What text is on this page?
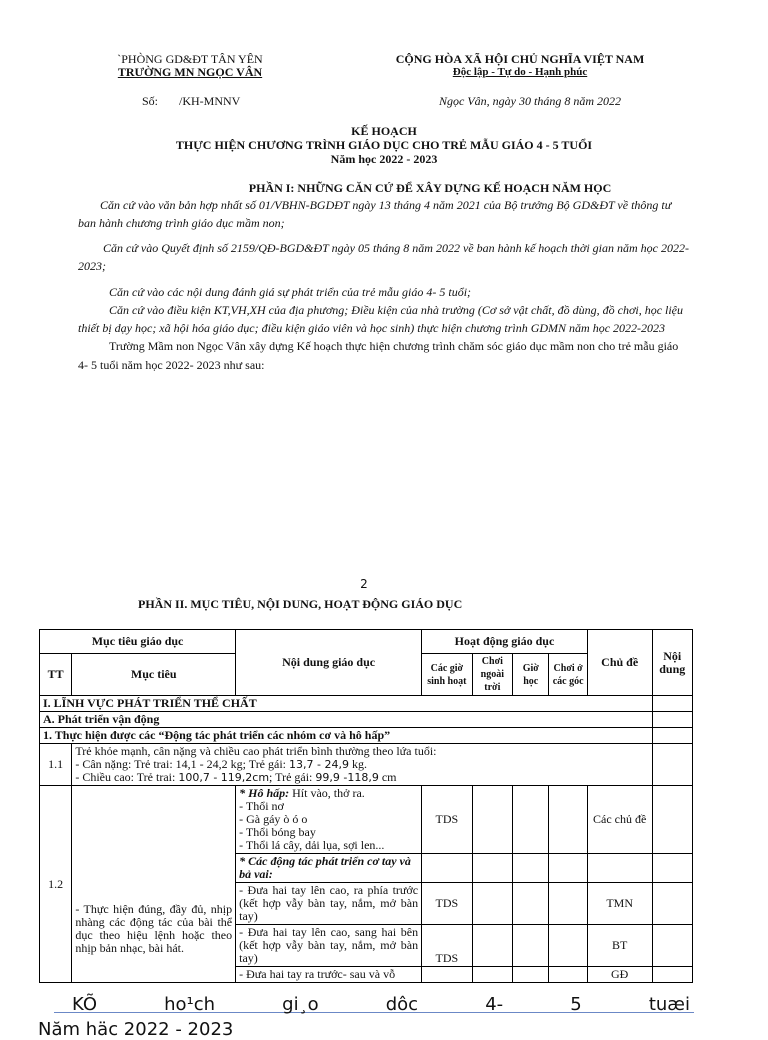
`PHÒNG GD&ĐT TÂN YÊN
TRƯỜNG MN NGỌC VÂN
CỘNG HÒA XÃ HỘI CHỦ NGHĨA VIỆT NAM
Độc lập - Tự do - Hạnh phúc
Số: /KH-MNNV	Ngọc Vân, ngày 30 tháng 8 năm 2022
KẾ HOẠCH
THỰC HIỆN CHƯƠNG TRÌNH GIÁO DỤC CHO TRẺ MẪU GIÁO 4 - 5 TUỔI
Năm học 2022 - 2023
PHẦN I: NHỮNG CĂN CỨ ĐỂ XÂY DỰNG KẾ HOẠCH NĂM HỌC
Căn cứ vào văn bản hợp nhất số 01/VBHN-BGDĐT ngày 13 tháng 4 năm 2021 của Bộ trưởng Bộ GD&ĐT về thông tư
ban hành chương trình giáo dục mầm non;
Căn cứ vào Quyết định số 2159/QĐ-BGD&ĐT ngày 05 tháng 8 năm 2022 về ban hành kế hoạch thời gian năm học 2022-
2023;
Căn cứ vào các nội dung đánh giá sự phát triển của trẻ mẫu giáo 4- 5 tuổi;
Căn cứ vào điều kiện KT,VH,XH của địa phương; Điều kiện của nhà trường (Cơ sở vật chất, đồ dùng, đồ chơi, học liệu
thiết bị dạy học; xã hội hóa giáo dục; điều kiện giáo viên và học sinh) thực hiện chương trình GDMN năm học 2022-2023
Trường Mầm non Ngọc Vân xây dựng Kế hoạch thực hiện chương trình chăm sóc giáo dục mầm non cho trẻ mẫu giáo
4- 5 tuổi năm học 2022- 2023 như sau:
2
PHẦN II. MỤC TIÊU, NỘI DUNG, HOẠT ĐỘNG GIÁO DỤC
Mục tiêu giáo dục		Nội dung giáo dục	Hoạt động giáo dục				Chủ đề	Nội dung
TT	Mục tiêu		Các giờ sinh hoạt	Chơi ngoài trời	Giờ học	Chơi ở các góc		
I. LĨNH VỰC PHÁT TRIỂN THỂ CHẤT								
A. Phát triển vận động								
1. Thực hiện được các “Động tác phát triển các nhóm cơ và hô hấp”								
1.1	Trẻ khỏe mạnh, cân nặng và chiều cao phát triển bình thường theo lứa tuổi:
- Cân nặng: Trẻ trai: 14,1 - 24,2 kg; Trẻ gái: 13,7 - 24,9 kg.
- Chiều cao: Trẻ trai: 100,7 - 119,2cm; Trẻ gái: 99,9 -118,9 cm							

1.2	- Thực hiện đúng, đầy đủ, nhịp nhàng các động tác của bài thể dục theo hiệu lệnh hoặc theo nhịp bản nhạc, bài hát.	* Hô hấp: Hít vào, thở ra.
- Thổi nơ
- Gà gáy ò ó o
- Thổi bóng bay
- Thổi lá cây, dải lụa, sợi len...	TDS				Các chủ đề	
		* Các động tác phát triển cơ tay và bả vai:						
		- Đưa hai tay lên cao, ra phía trước (kết hợp vẫy bàn tay, nắm, mở bàn tay)	TDS				TMN	
		- Đưa hai tay lên cao, sang hai bên (kết hợp vẫy bàn tay, nắm, mở bàn tay)	TDS				BT	
		- Đưa hai tay ra trước- sau và vỗ					GĐ	
KÕ	ho¹ch	gi¸o	dôc	4-	5	tuæi
Năm häc 2022 - 2023
